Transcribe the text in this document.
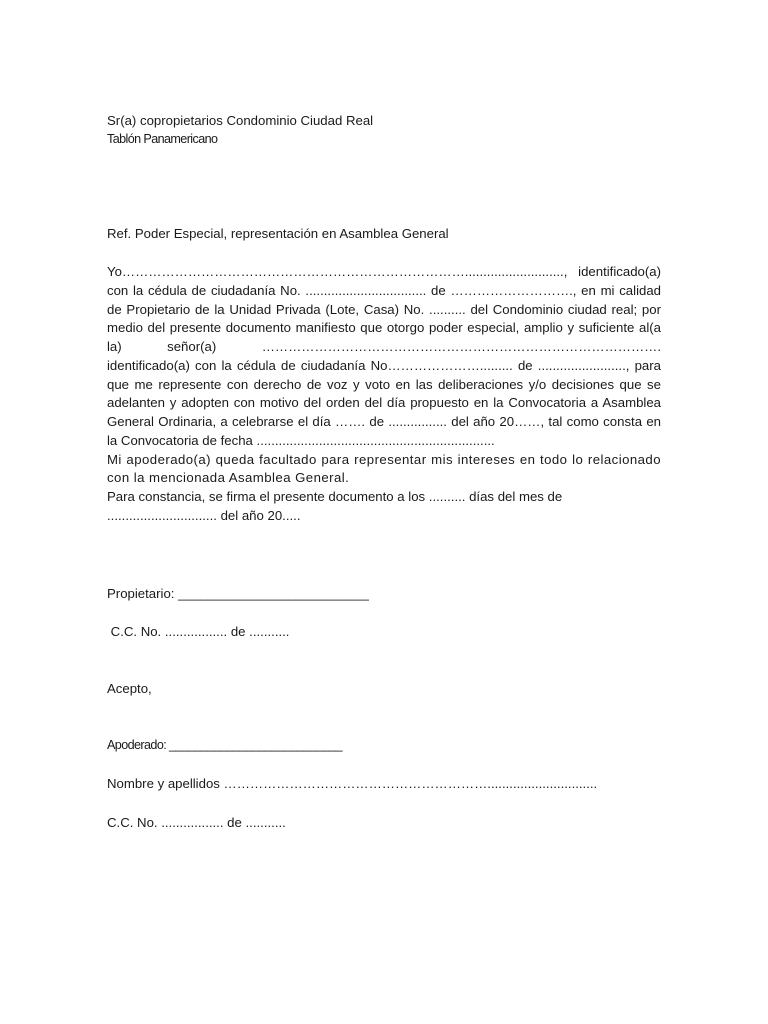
Sr(a) copropietarios Condominio Ciudad Real
Tablón Panamericano
Ref. Poder Especial, representación en Asamblea General

Yo……………………………………………………………………..........................., identificado(a) con la cédula de ciudadanía No. ................................. de ………………………., en mi calidad de Propietario de la Unidad Privada (Lote, Casa) No. .......... del Condominio ciudad real; por medio del presente documento manifiesto que otorgo poder especial, amplio y suficiente al(a la) señor(a) ………………………………………………………………………………. identificado(a) con la cédula de ciudadanía No…………………......... de ........................, para que me represente con derecho de voz y voto en las deliberaciones y/o decisiones que se adelanten y adopten con motivo del orden del día propuesto en la Convocatoria a Asamblea General Ordinaria, a celebrarse el día ……. de ................ del año 20……, tal como consta en la Convocatoria de fecha .................................................................

Mi apoderado(a) queda facultado para representar mis intereses en todo lo relacionado con la mencionada Asamblea General.

Para constancia, se firma el presente documento a los .......... días del mes de .............................. del año 20.....

Propietario: __________________________
C.C. No. ................. de ...........
Acepto,
Apoderado: ___________________________
Nombre y apellidos ……………………………………………………..............................
C.C. No. ................. de ...........
